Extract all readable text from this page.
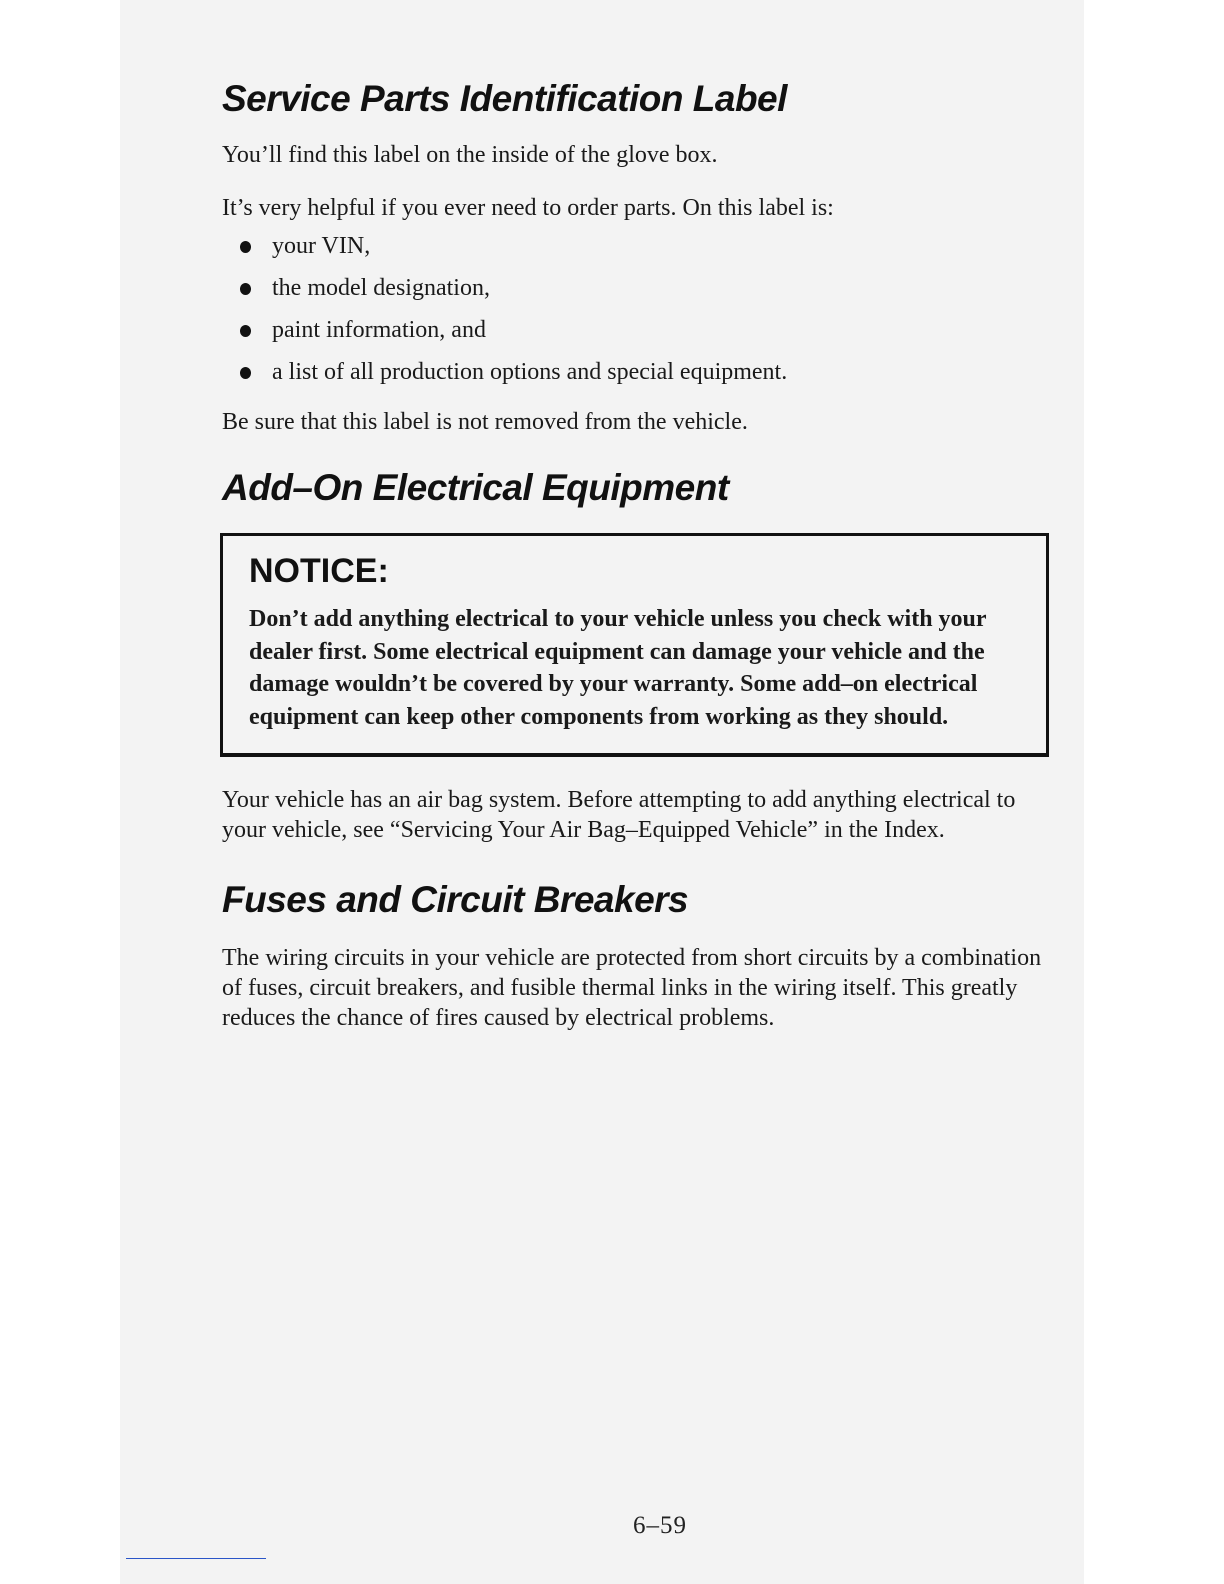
Service Parts Identification Label

You’ll find this label on the inside of the glove box.

It’s very helpful if you ever need to order parts. On this label is:

your VIN,
the model designation,
paint information, and
a list of all production options and special equipment.

Be sure that this label is not removed from the vehicle.

Add–On Electrical Equipment
NOTICE:

Don’t add anything electrical to your vehicle unless you check with your dealer first. Some electrical equipment can damage your vehicle and the damage wouldn’t be covered by your warranty. Some add–on electrical equipment can keep other components from working as they should.

Your vehicle has an air bag system. Before attempting to add anything electrical to your vehicle, see “Servicing Your Air Bag–Equipped Vehicle” in the Index.

Fuses and Circuit Breakers

The wiring circuits in your vehicle are protected from short circuits by a combination of fuses, circuit breakers, and fusible thermal links in the wiring itself. This greatly reduces the chance of fires caused by electrical problems.

6–59
